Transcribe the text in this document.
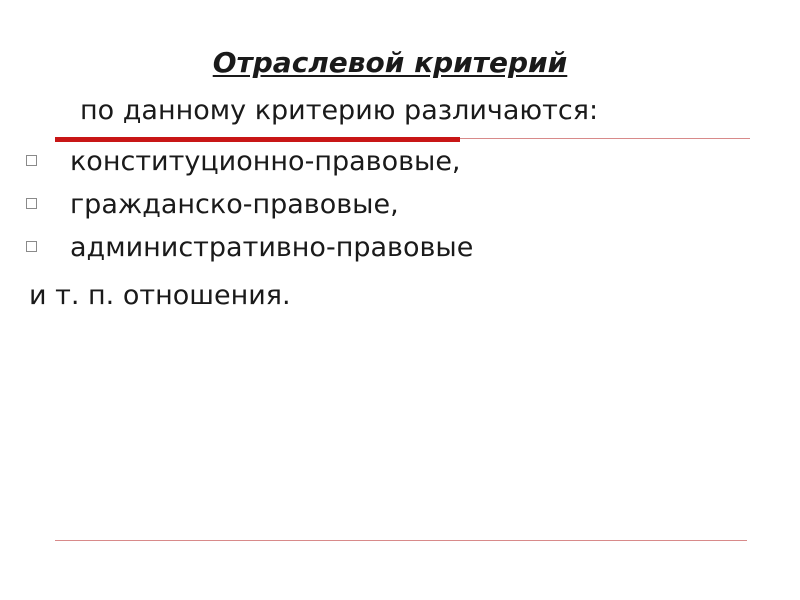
Отраслевой критерий
по данному критерию различаются:
конституционно-правовые,
гражданско-правовые,
административно-правовые
и т. п. отношения.
